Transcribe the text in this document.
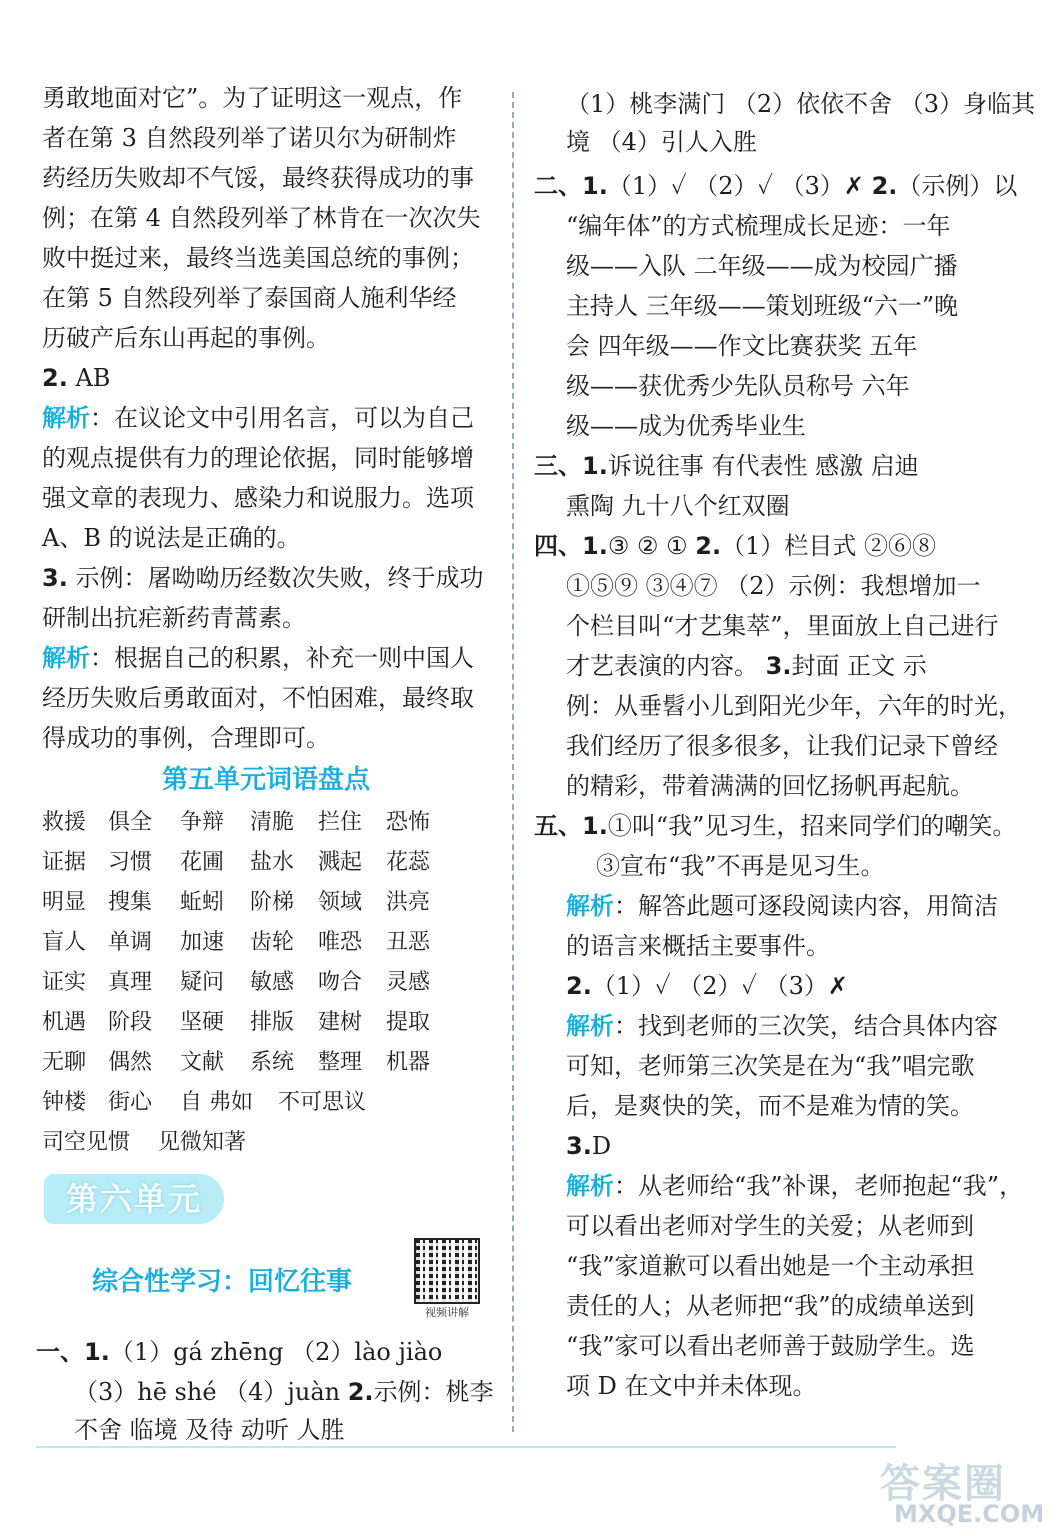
勇敢地面对它”。为了证明这一观点，作
者在第 3 自然段列举了诺贝尔为研制炸
药经历失败却不气馁，最终获得成功的事
例；在第 4 自然段列举了林肯在一次次失
败中挺过来，最终当选美国总统的事例；
在第 5 自然段列举了泰国商人施利华经
历破产后东山再起的事例。
2. AB
解析：在议论文中引用名言，可以为自己
的观点提供有力的理论依据，同时能够增
强文章的表现力、感染力和说服力。选项
A、B 的说法是正确的。
3. 示例：屠呦呦历经数次失败，终于成功
研制出抗疟新药青蒿素。
解析：根据自己的积累，补充一则中国人
经历失败后勇敢面对，不怕困难，最终取
得成功的事例，合理即可。
第五单元词语盘点
救援 俱全 争辩 清脆 拦住 恐怖
证据 习惯 花圃 盐水 溅起 花蕊
明显 搜集 蚯蚓 阶梯 领域 洪亮
盲人 单调 加速 齿轮 唯恐 丑恶
证实 真理 疑问 敏感 吻合 灵感
机遇 阶段 坚硬 排版 建树 提取
无聊 偶然 文献 系统 整理 机器
钟楼 街心 自 弗如 不可思议
司空见惯 见微知著
第六单元
综合性学习：回忆往事
视频讲解
一、1.（1）gá zhēng （2）lào jiào
（3）hē shé （4）juàn 2.示例：桃李
不舍 临境 及待 动听 人胜
（1）桃李满门 （2）依依不舍 （3）身临其
境 （4）引人入胜
二、1.（1）✓ （2）✓ （3）✗ 2.（示例）以
“编年体”的方式梳理成长足迹：一年
级——入队 二年级——成为校园广播
主持人 三年级——策划班级“六一”晚
会 四年级——作文比赛获奖 五年
级——获优秀少先队员称号 六年
级——成为优秀毕业生
三、1.诉说往事 有代表性 感激 启迪
熏陶 九十八个红双圈
四、1.③ ② ① 2.（1）栏目式 ②⑥⑧
①⑤⑨ ③④⑦ （2）示例：我想增加一
个栏目叫“才艺集萃”，里面放上自己进行
才艺表演的内容。 3.封面 正文 示
例：从垂髫小儿到阳光少年，六年的时光，
我们经历了很多很多，让我们记录下曾经
的精彩，带着满满的回忆扬帆再起航。
五、1.①叫“我”见习生，招来同学们的嘲笑。
③宣布“我”不再是见习生。
解析：解答此题可逐段阅读内容，用简洁
的语言来概括主要事件。
2.（1）✓ （2）✓ （3）✗
解析：找到老师的三次笑，结合具体内容
可知，老师第三次笑是在为“我”唱完歌
后，是爽快的笑，而不是难为情的笑。
3.D
解析：从老师给“我”补课，老师抱起“我”，
可以看出老师对学生的关爱；从老师到
“我”家道歉可以看出她是一个主动承担
责任的人；从老师把“我”的成绩单送到
“我”家可以看出老师善于鼓励学生。选
项 D 在文中并未体现。
答案圈
MXQE.COM
